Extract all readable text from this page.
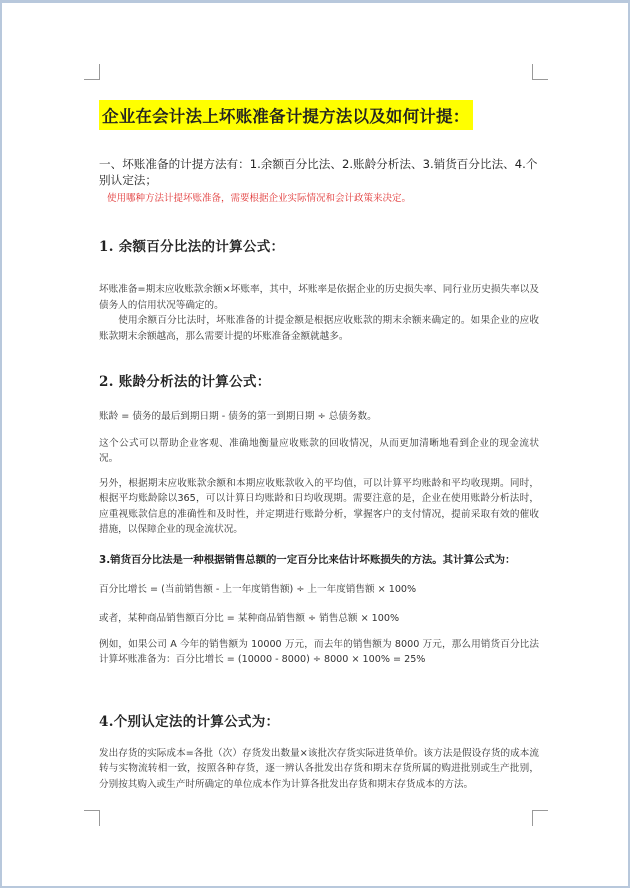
企业在会计法上坏账准备计提方法以及如何计提：
一、坏账准备的计提方法有：1.余额百分比法、2.账龄分析法、3.销货百分比法、4.个别认定法；
使用哪种方法计提坏账准备，需要根据企业实际情况和会计政策来决定。
1. 余额百分比法的计算公式：

坏账准备=期末应收账款余额×坏账率，其中，坏账率是依据企业的历史损失率、同行业历史损失率以及债务人的信用状况等确定的。

使用余额百分比法时，坏账准备的计提金额是根据应收账款的期末余额来确定的。如果企业的应收账款期末余额越高，那么需要计提的坏账准备金额就越多。

2. 账龄分析法的计算公式：

账龄 = 债务的最后到期日期 - 债务的第一到期日期 ÷ 总债务数。

这个公式可以帮助企业客观、准确地衡量应收账款的回收情况，从而更加清晰地看到企业的现金流状况。

另外，根据期末应收账款余额和本期应收账款收入的平均值，可以计算平均账龄和平均收现期。同时，根据平均账龄除以365，可以计算日均账龄和日均收现期。需要注意的是，企业在使用账龄分析法时，应重视账款信息的准确性和及时性，并定期进行账龄分析，掌握客户的支付情况，提前采取有效的催收措施，以保障企业的现金流状况。

3.销货百分比法是一种根据销售总额的一定百分比来估计坏账损失的方法。其计算公式为：

百分比增长 = (当前销售额 - 上一年度销售额) ÷ 上一年度销售额 × 100%

或者，某种商品销售额百分比 = 某种商品销售额 ÷ 销售总额 × 100%

例如，如果公司 A 今年的销售额为 10000 万元，而去年的销售额为 8000 万元，那么用销货百分比法计算坏账准备为：百分比增长 = (10000 - 8000) ÷ 8000 × 100% = 25%

4.个别认定法的计算公式为：

发出存货的实际成本=各批（次）存货发出数量×该批次存货实际进货单价。该方法是假设存货的成本流转与实物流转相一致，按照各种存货，逐一辨认各批发出存货和期末存货所属的购进批别或生产批别，分别按其购入或生产时所确定的单位成本作为计算各批发出存货和期末存货成本的方法。
